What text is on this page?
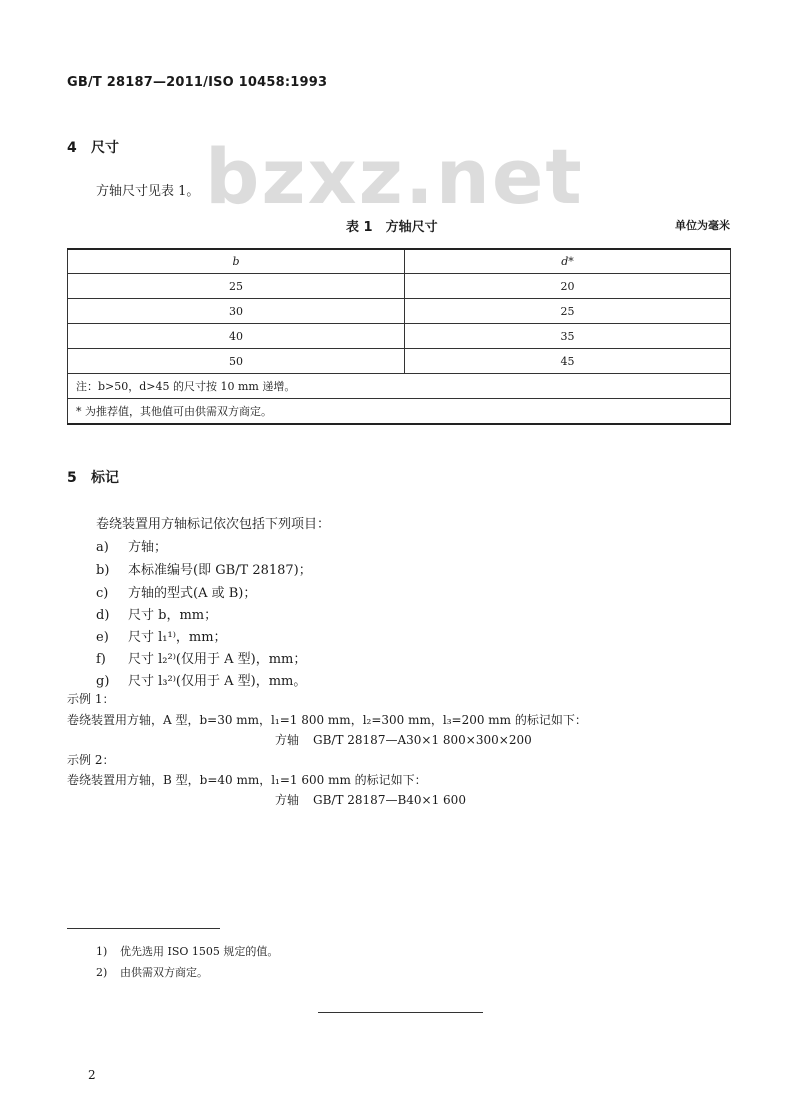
GB/T 28187—2011/ISO 10458:1993
bzxz.net
4 尺寸
方轴尺寸见表 1。
表 1　方轴尺寸	单位为毫米
b	d*
25	20
30	25
40	35
50	45
注：b>50，d>45 的尺寸按 10 mm 递增。	
* 为推荐值，其他值可由供需双方商定。	
5 标记
卷绕装置用方轴标记依次包括下列项目：
a) 方轴；
b) 本标准编号(即 GB/T 28187)；
c) 方轴的型式(A 或 B)；
d) 尺寸 b，mm；
e) 尺寸 l₁¹⁾，mm；
f) 尺寸 l₂²⁾(仅用于 A 型)，mm；
g) 尺寸 l₃²⁾(仅用于 A 型)，mm。
示例 1：
卷绕装置用方轴，A 型，b=30 mm，l₁=1 800 mm，l₂=300 mm，l₃=200 mm 的标记如下：
方轴 GB/T 28187—A30×1 800×300×200
示例 2：
卷绕装置用方轴，B 型，b=40 mm，l₁=1 600 mm 的标记如下：
方轴 GB/T 28187—B40×1 600
1) 优先选用 ISO 1505 规定的值。
2) 由供需双方商定。
2
